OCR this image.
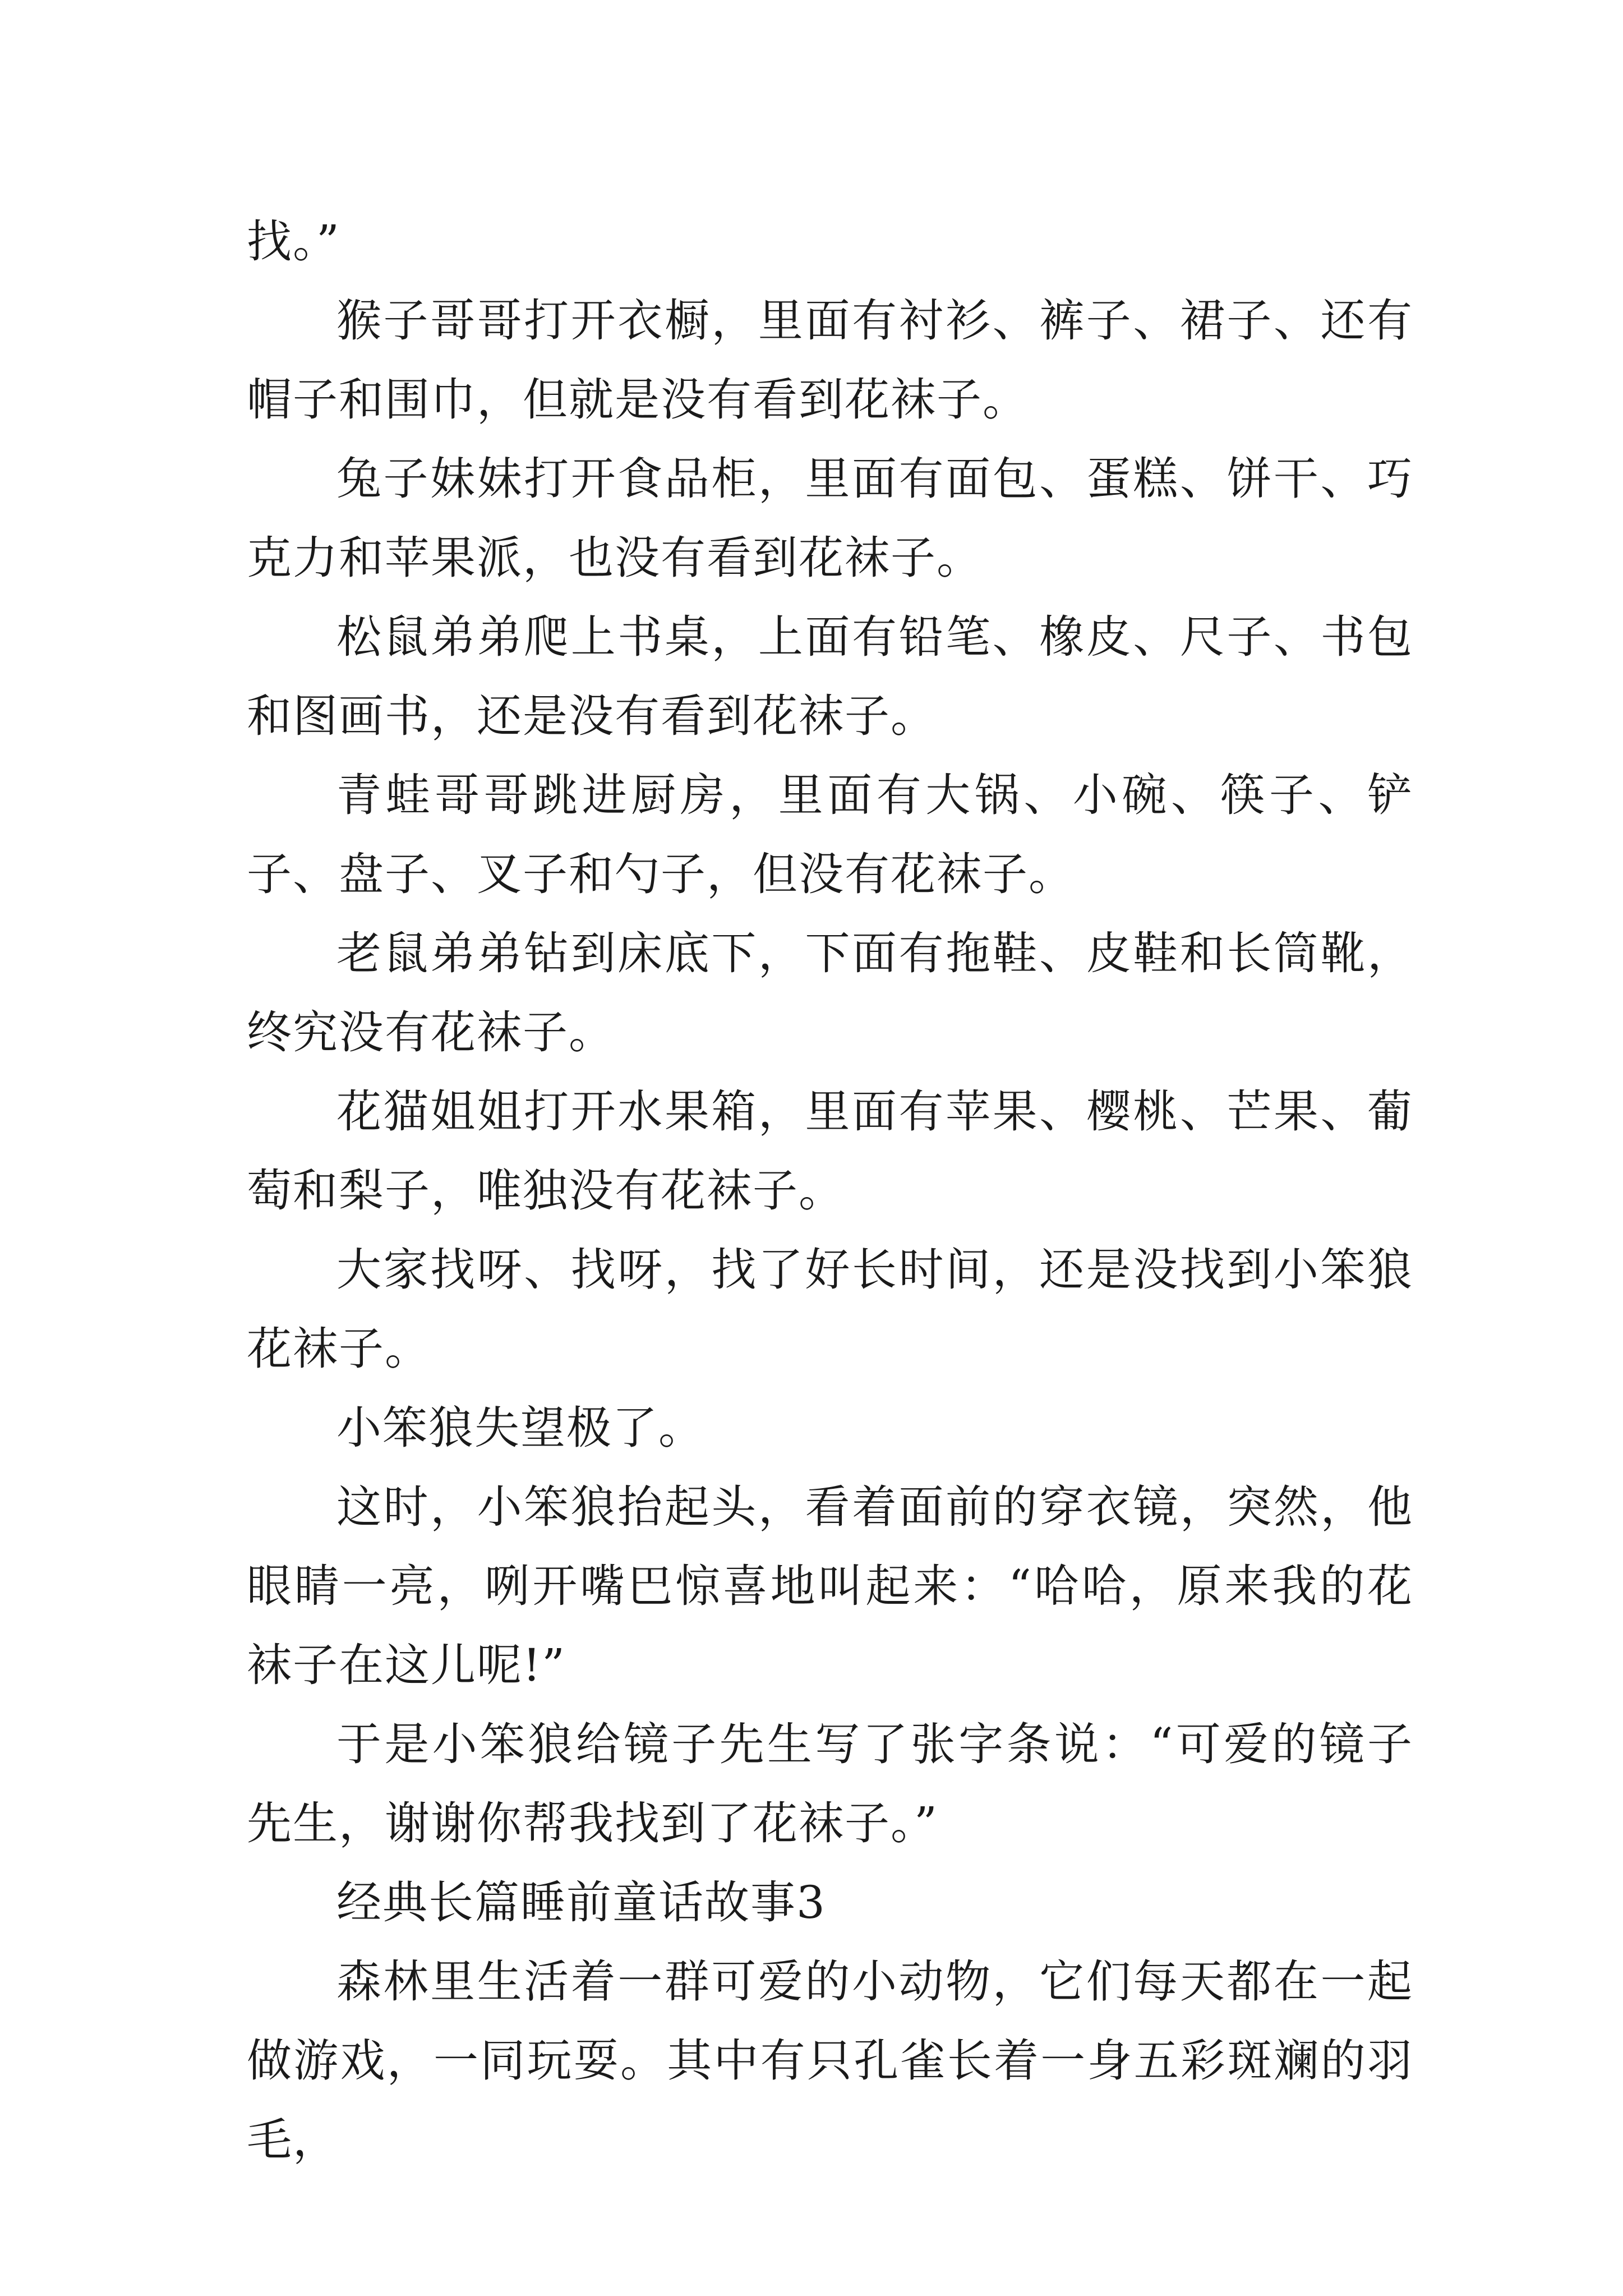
找。”

猴子哥哥打开衣橱，里面有衬衫、裤子、裙子、还有帽子和围巾，但就是没有看到花袜子。

兔子妹妹打开食品柜，里面有面包、蛋糕、饼干、巧克力和苹果派，也没有看到花袜子。

松鼠弟弟爬上书桌，上面有铅笔、橡皮、尺子、书包和图画书，还是没有看到花袜子。

青蛙哥哥跳进厨房，里面有大锅、小碗、筷子、铲子、盘子、叉子和勺子，但没有花袜子。

老鼠弟弟钻到床底下，下面有拖鞋、皮鞋和长筒靴，终究没有花袜子。

花猫姐姐打开水果箱，里面有苹果、樱桃、芒果、葡萄和梨子，唯独没有花袜子。

大家找呀、找呀，找了好长时间，还是没找到小笨狼花袜子。

小笨狼失望极了。

这时，小笨狼抬起头，看着面前的穿衣镜，突然，他眼睛一亮，咧开嘴巴惊喜地叫起来：“哈哈，原来我的花袜子在这儿呢!”

于是小笨狼给镜子先生写了张字条说：“可爱的镜子先生，谢谢你帮我找到了花袜子。”

经典长篇睡前童话故事3

森林里生活着一群可爱的小动物，它们每天都在一起做游戏，一同玩耍。其中有只孔雀长着一身五彩斑斓的羽毛，
